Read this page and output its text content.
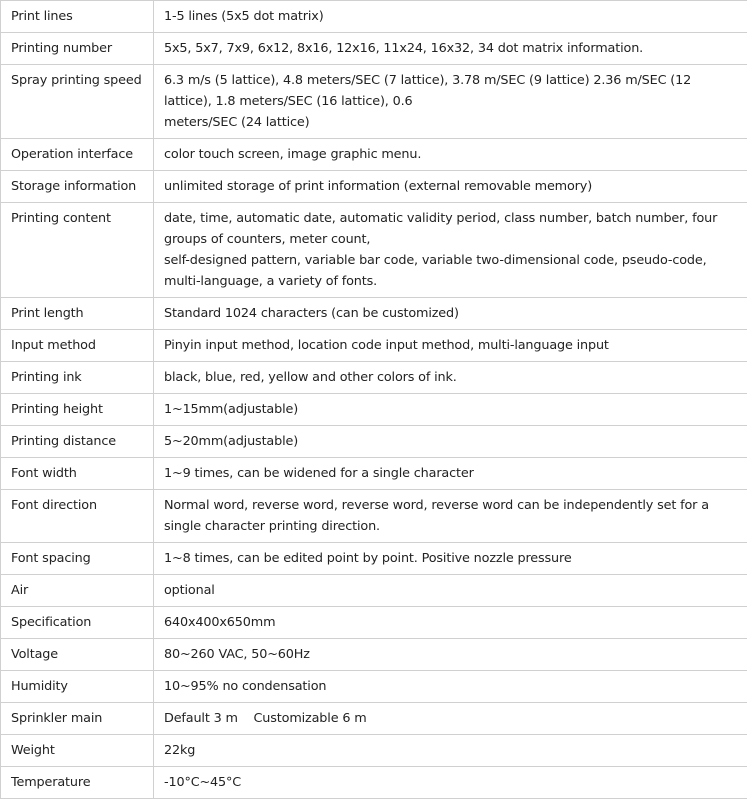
Print lines	1-5 lines (5x5 dot matrix)

Printing number	5x5, 5x7, 7x9, 6x12, 8x16, 12x16, 11x24, 16x32, 34 dot matrix information.

Spray printing speed	6.3 m/s (5 lattice), 4.8 meters/SEC (7 lattice), 3.78 m/SEC (9 lattice) 2.36 m/SEC (12 lattice), 1.8 meters/SEC (16 lattice), 0.6
meters/SEC (24 lattice)

Operation interface	color touch screen, image graphic menu.

Storage information	unlimited storage of print information (external removable memory)

Printing content	date, time, automatic date, automatic validity period, class number, batch number, four groups of counters, meter count,
self-designed pattern, variable bar code, variable two-dimensional code, pseudo-code, multi-language, a variety of fonts.

Print length	Standard 1024 characters (can be customized)

Input method	Pinyin input method, location code input method, multi-language input

Printing ink	black, blue, red, yellow and other colors of ink.

Printing height	1~15mm(adjustable)

Printing distance	5~20mm(adjustable)

Font width	1~9 times, can be widened for a single character

Font direction	Normal word, reverse word, reverse word, reverse word can be independently set for a single character printing direction.

Font spacing	1~8 times, can be edited point by point. Positive nozzle pressure

Air	optional

Specification	640x400x650mm

Voltage	80~260 VAC, 50~60Hz

Humidity	10~95% no condensation

Sprinkler main	Default 3 m    Customizable 6 m

Weight	22kg

Temperature	-10°C~45°C
